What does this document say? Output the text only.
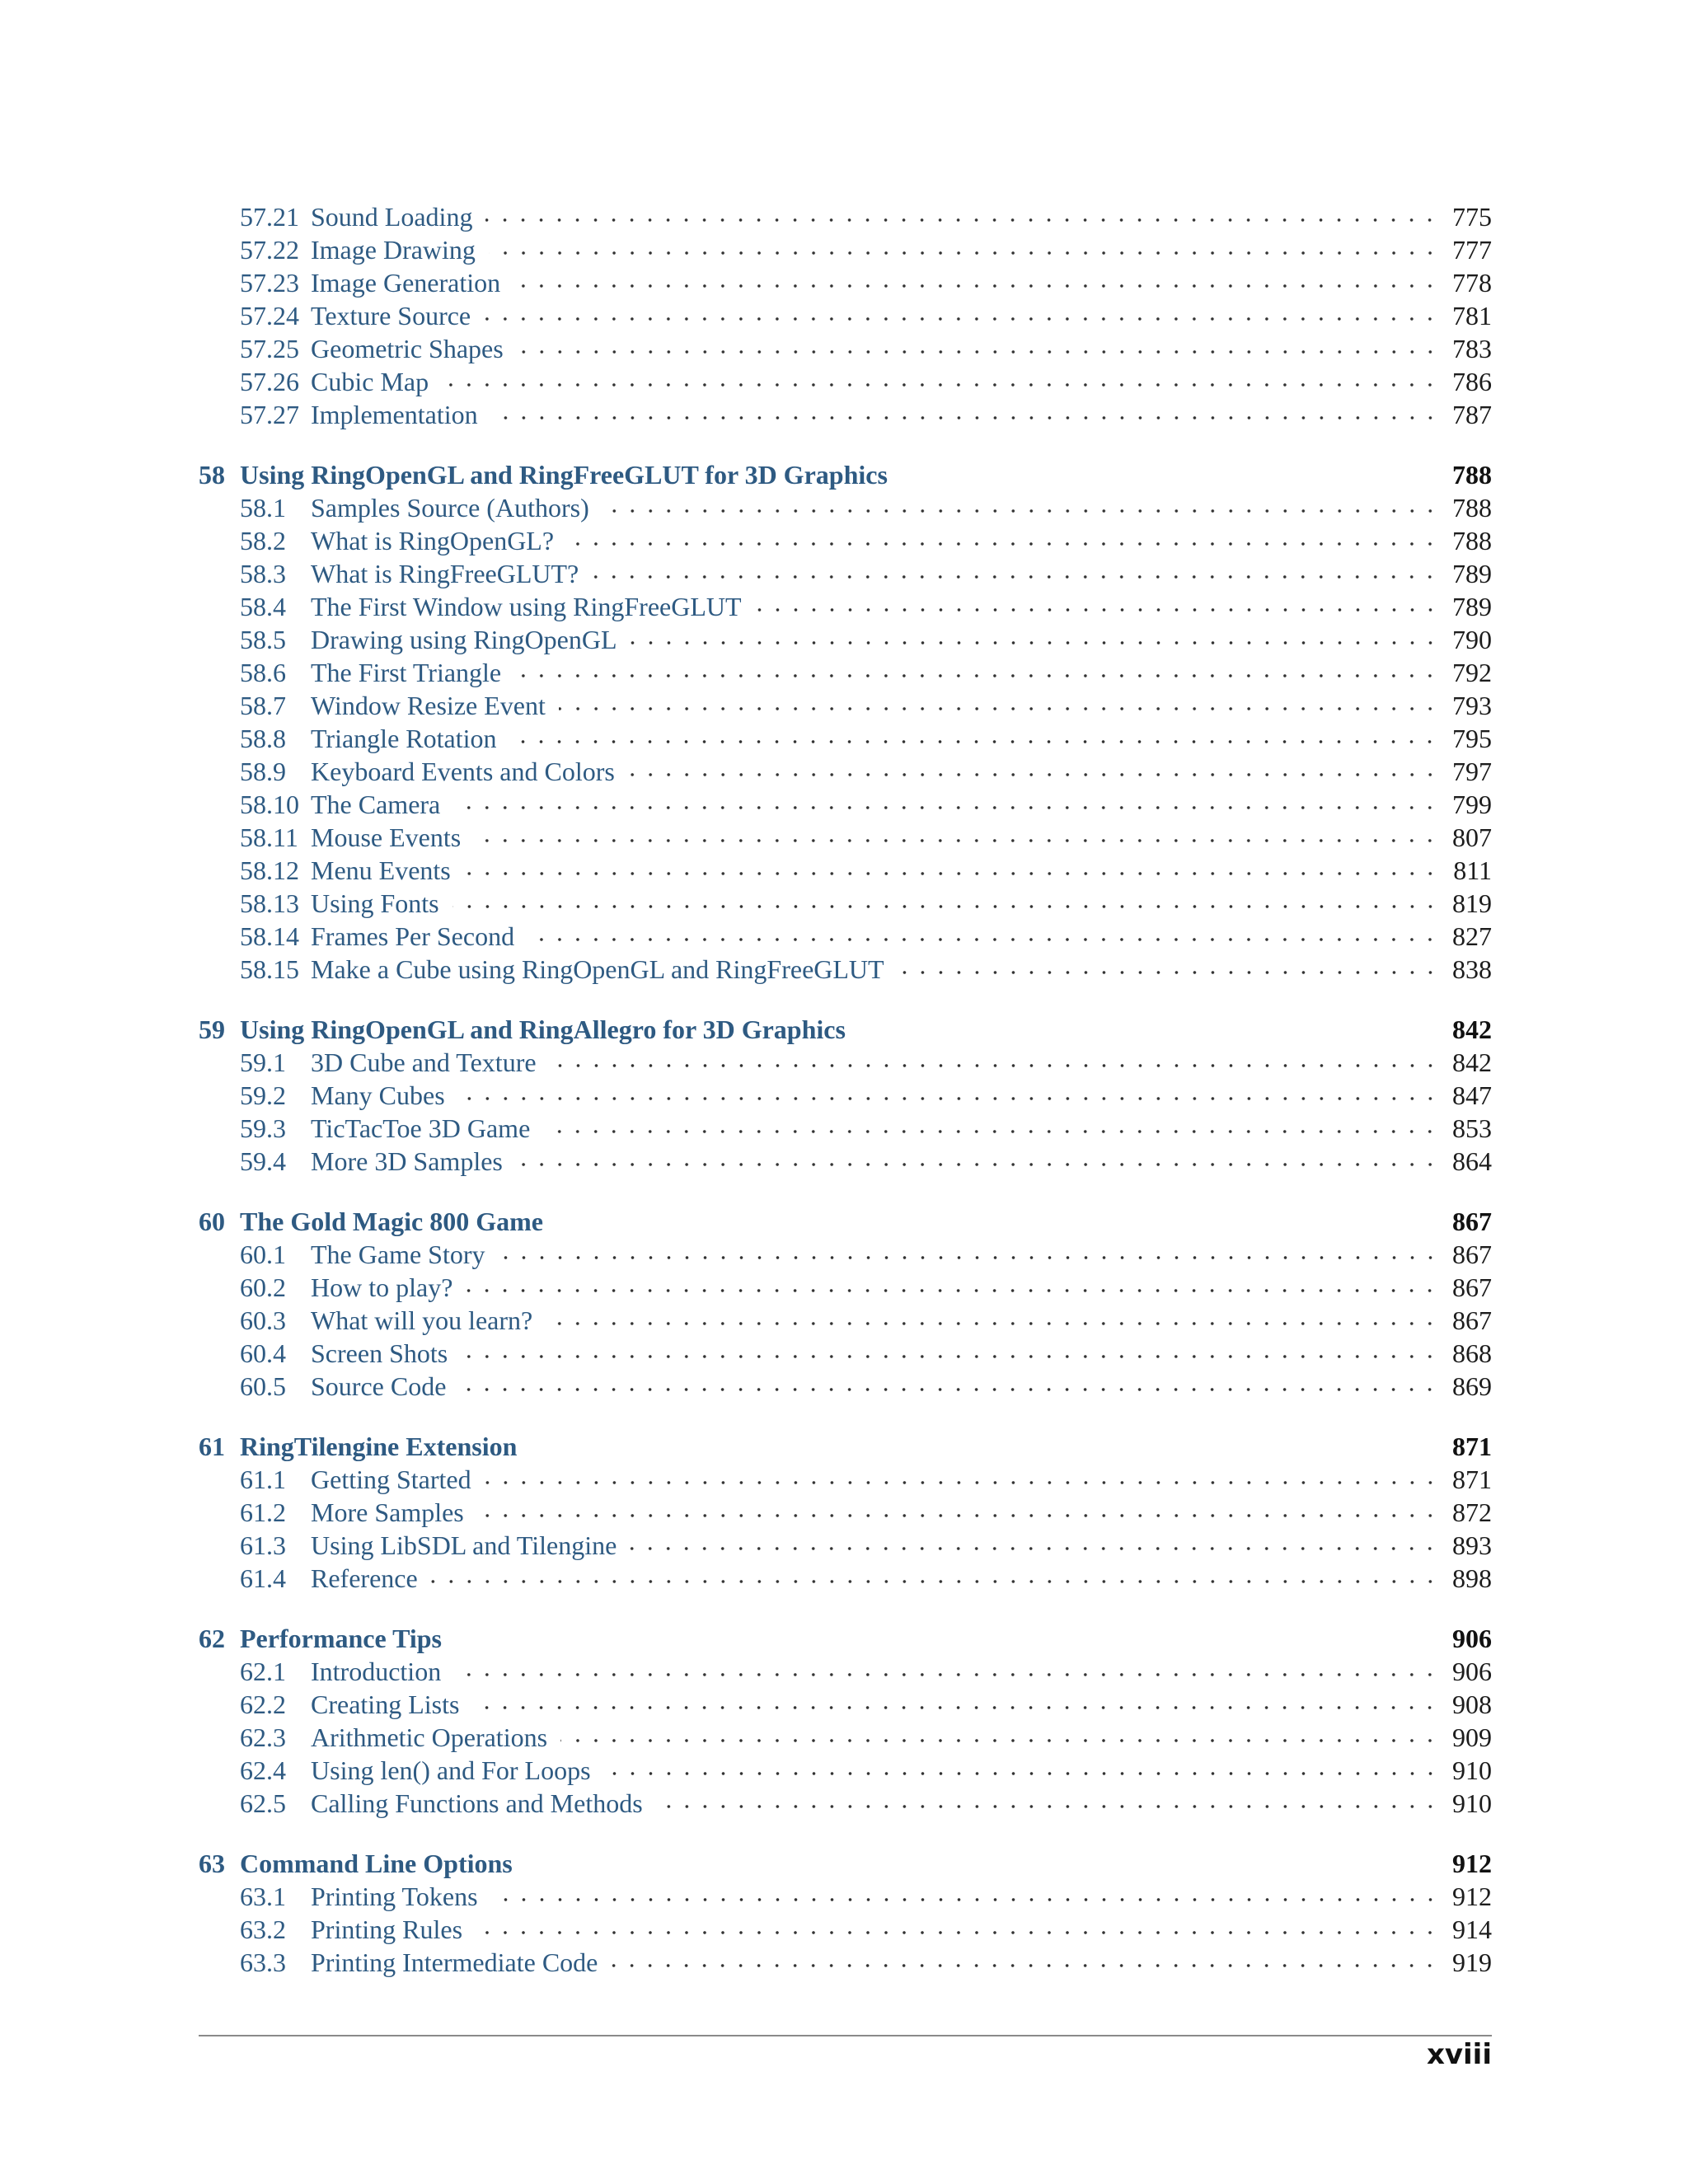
57.21 Sound Loading	775
57.22 Image Drawing	777
57.23 Image Generation	778
57.24 Texture Source	781
57.25 Geometric Shapes	783
57.26 Cubic Map	786
57.27 Implementation	787
58 Using RingOpenGL and RingFreeGLUT for 3D Graphics	788
58.1 Samples Source (Authors)	788
58.2 What is RingOpenGL?	788
58.3 What is RingFreeGLUT?	789
58.4 The First Window using RingFreeGLUT	789
58.5 Drawing using RingOpenGL	790
58.6 The First Triangle	792
58.7 Window Resize Event	793
58.8 Triangle Rotation	795
58.9 Keyboard Events and Colors	797
58.10 The Camera	799
58.11 Mouse Events	807
58.12 Menu Events	811
58.13 Using Fonts	819
58.14 Frames Per Second	827
58.15 Make a Cube using RingOpenGL and RingFreeGLUT	838
59 Using RingOpenGL and RingAllegro for 3D Graphics	842
59.1 3D Cube and Texture	842
59.2 Many Cubes	847
59.3 TicTacToe 3D Game	853
59.4 More 3D Samples	864
60 The Gold Magic 800 Game	867
60.1 The Game Story	867
60.2 How to play?	867
60.3 What will you learn?	867
60.4 Screen Shots	868
60.5 Source Code	869
61 RingTilengine Extension	871
61.1 Getting Started	871
61.2 More Samples	872
61.3 Using LibSDL and Tilengine	893
61.4 Reference	898
62 Performance Tips	906
62.1 Introduction	906
62.2 Creating Lists	908
62.3 Arithmetic Operations	909
62.4 Using len() and For Loops	910
62.5 Calling Functions and Methods	910
63 Command Line Options	912
63.1 Printing Tokens	912
63.2 Printing Rules	914
63.3 Printing Intermediate Code	919
xviii
